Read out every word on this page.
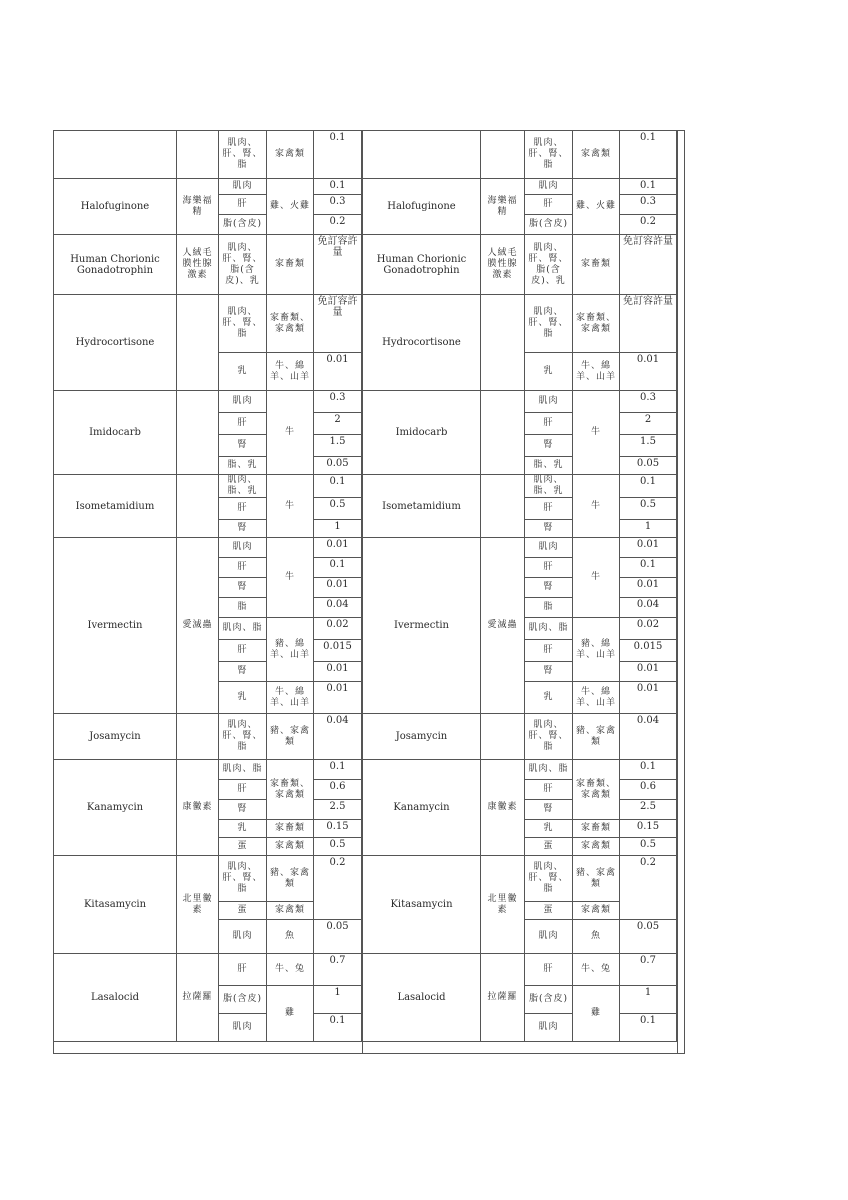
		肌肉、肝、腎、脂	家禽類	0.1
Halofuginone	海樂福精	肌肉	雞、火雞	0.1
		肝		0.3
		脂(含皮)		0.2
Human Chorionic Gonadotrophin	人絨毛膜性腺激素	肌肉、肝、腎、脂(含皮)、乳	家畜類	免訂容許量
Hydrocortisone		肌肉、肝、腎、脂	家畜類、家禽類	免訂容許量
		乳	牛、綿羊、山羊	0.01
Imidocarb		肌肉	牛	0.3
		肝		2
		腎		1.5
		脂、乳		0.05
Isometamidium		肌肉、脂、乳	牛	0.1
		肝		0.5
		腎		1
Ivermectin	愛滅蟲	肌肉	牛	0.01
		肝		0.1
		腎		0.01
		脂		0.04
		肌肉、脂	豬、綿羊、山羊	0.02
		肝		0.015
		腎		0.01
		乳	牛、綿羊、山羊	0.01
Josamycin		肌肉、肝、腎、脂	豬、家禽類	0.04
Kanamycin	康黴素	肌肉、脂	家畜類、家禽類	0.1
		肝		0.6
		腎		2.5
		乳	家畜類	0.15
		蛋	家禽類	0.5
Kitasamycin	北里黴素	肌肉、肝、腎、脂	豬、家禽類	0.2
		蛋	家禽類	
		肌肉	魚	0.05
Lasalocid	拉薩羅	肝	牛、兔	0.7
		脂(含皮)	雞	1
		肌肉		0.1
		肌肉、肝、腎、脂	家禽類	0.1
Halofuginone	海樂福精	肌肉	雞、火雞	0.1
		肝		0.3
		脂(含皮)		0.2
Human Chorionic Gonadotrophin	人絨毛膜性腺激素	肌肉、肝、腎、脂(含皮)、乳	家畜類	免訂容許量
Hydrocortisone		肌肉、肝、腎、脂	家畜類、家禽類	免訂容許量
		乳	牛、綿羊、山羊	0.01
Imidocarb		肌肉	牛	0.3
		肝		2
		腎		1.5
		脂、乳		0.05
Isometamidium		肌肉、脂、乳	牛	0.1
		肝		0.5
		腎		1
Ivermectin	愛滅蟲	肌肉	牛	0.01
		肝		0.1
		腎		0.01
		脂		0.04
		肌肉、脂	豬、綿羊、山羊	0.02
		肝		0.015
		腎		0.01
		乳	牛、綿羊、山羊	0.01
Josamycin		肌肉、肝、腎、脂	豬、家禽類	0.04
Kanamycin	康黴素	肌肉、脂	家畜類、家禽類	0.1
		肝		0.6
		腎		2.5
		乳	家畜類	0.15
		蛋	家禽類	0.5
Kitasamycin	北里黴素	肌肉、肝、腎、脂	豬、家禽類	0.2
		蛋	家禽類	
		肌肉	魚	0.05
Lasalocid	拉薩羅	肝	牛、兔	0.7
		脂(含皮)	雞	1
		肌肉		0.1
